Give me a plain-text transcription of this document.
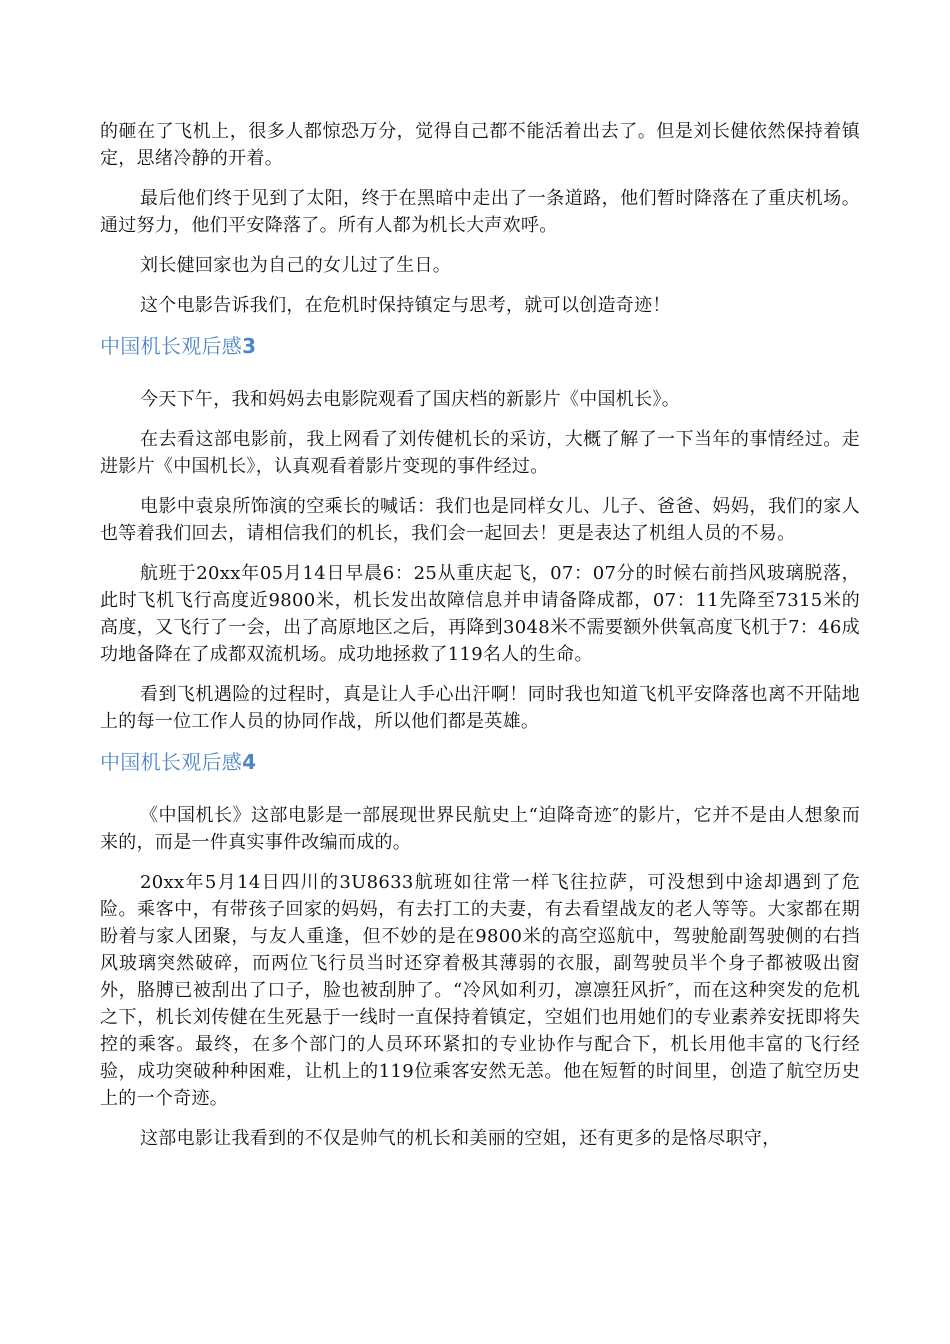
的砸在了飞机上，很多人都惊恐万分，觉得自己都不能活着出去了。但是刘长健依然保持着镇定，思绪冷静的开着。

最后他们终于见到了太阳，终于在黑暗中走出了一条道路，他们暂时降落在了重庆机场。通过努力，他们平安降落了。所有人都为机长大声欢呼。

刘长健回家也为自己的女儿过了生日。

这个电影告诉我们，在危机时保持镇定与思考，就可以创造奇迹！

中国机长观后感3

今天下午，我和妈妈去电影院观看了国庆档的新影片《中国机长》。

在去看这部电影前，我上网看了刘传健机长的采访，大概了解了一下当年的事情经过。走进影片《中国机长》，认真观看着影片变现的事件经过。

电影中袁泉所饰演的空乘长的喊话：我们也是同样女儿、儿子、爸爸、妈妈，我们的家人也等着我们回去，请相信我们的机长，我们会一起回去！更是表达了机组人员的不易。

航班于20xx年05月14日早晨6：25从重庆起飞，07：07分的时候右前挡风玻璃脱落，此时飞机飞行高度近9800米，机长发出故障信息并申请备降成都，07：11先降至7315米的高度，又飞行了一会，出了高原地区之后，再降到3048米不需要额外供氧高度飞机于7：46成功地备降在了成都双流机场。成功地拯救了119名人的生命。

看到飞机遇险的过程时，真是让人手心出汗啊！同时我也知道飞机平安降落也离不开陆地上的每一位工作人员的协同作战，所以他们都是英雄。

中国机长观后感4

《中国机长》这部电影是一部展现世界民航史上“迫降奇迹″的影片，它并不是由人想象而来的，而是一件真实事件改编而成的。

20xx年5月14日四川的3U8633航班如往常一样飞往拉萨，可没想到中途却遇到了危险。乘客中，有带孩子回家的妈妈，有去打工的夫妻，有去看望战友的老人等等。大家都在期盼着与家人团聚，与友人重逢，但不妙的是在9800米的高空巡航中，驾驶舱副驾驶侧的右挡风玻璃突然破碎，而两位飞行员当时还穿着极其薄弱的衣服，副驾驶员半个身子都被吸出窗外，胳膊已被刮出了口子，脸也被刮肿了。“冷风如利刃，凛凛狂风折″，而在这种突发的危机之下，机长刘传健在生死悬于一线时一直保持着镇定，空姐们也用她们的专业素养安抚即将失控的乘客。最终，在多个部门的人员环环紧扣的专业协作与配合下，机长用他丰富的飞行经验，成功突破种种困难，让机上的119位乘客安然无恙。他在短暂的时间里，创造了航空历史上的一个奇迹。

这部电影让我看到的不仅是帅气的机长和美丽的空姐，还有更多的是恪尽职守，
